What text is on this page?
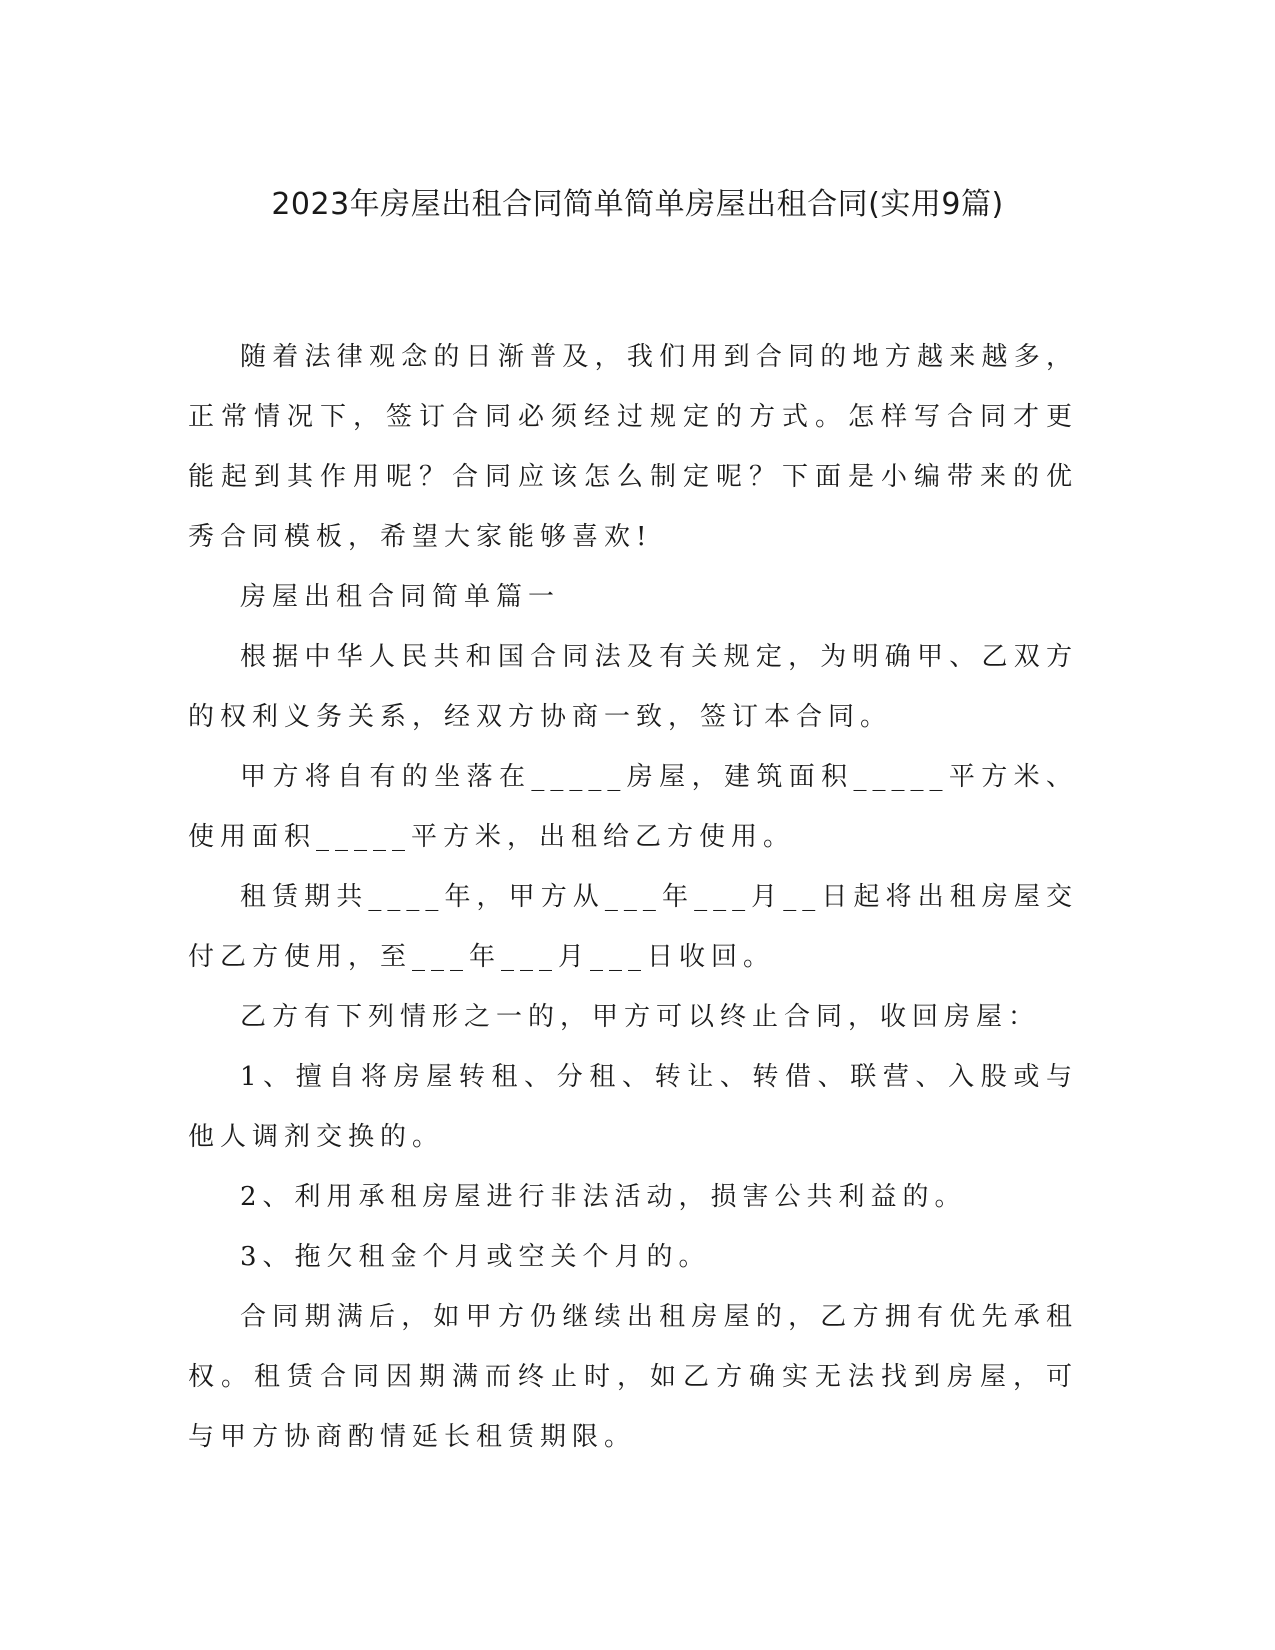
2023年房屋出租合同简单简单房屋出租合同(实用9篇)

随着法律观念的日渐普及，我们用到合同的地方越来越多，正常情况下，签订合同必须经过规定的方式。怎样写合同才更能起到其作用呢？合同应该怎么制定呢？下面是小编带来的优秀合同模板，希望大家能够喜欢!

房屋出租合同简单篇一

根据中华人民共和国合同法及有关规定，为明确甲、乙双方的权利义务关系，经双方协商一致，签订本合同。

甲方将自有的坐落在_____房屋，建筑面积_____平方米、使用面积_____平方米，出租给乙方使用。

租赁期共____年，甲方从___年___月__日起将出租房屋交付乙方使用，至___年___月___日收回。

乙方有下列情形之一的，甲方可以终止合同，收回房屋：

1、擅自将房屋转租、分租、转让、转借、联营、入股或与他人调剂交换的。

2、利用承租房屋进行非法活动，损害公共利益的。

3、拖欠租金个月或空关个月的。

合同期满后，如甲方仍继续出租房屋的，乙方拥有优先承租权。租赁合同因期满而终止时，如乙方确实无法找到房屋，可与甲方协商酌情延长租赁期限。
